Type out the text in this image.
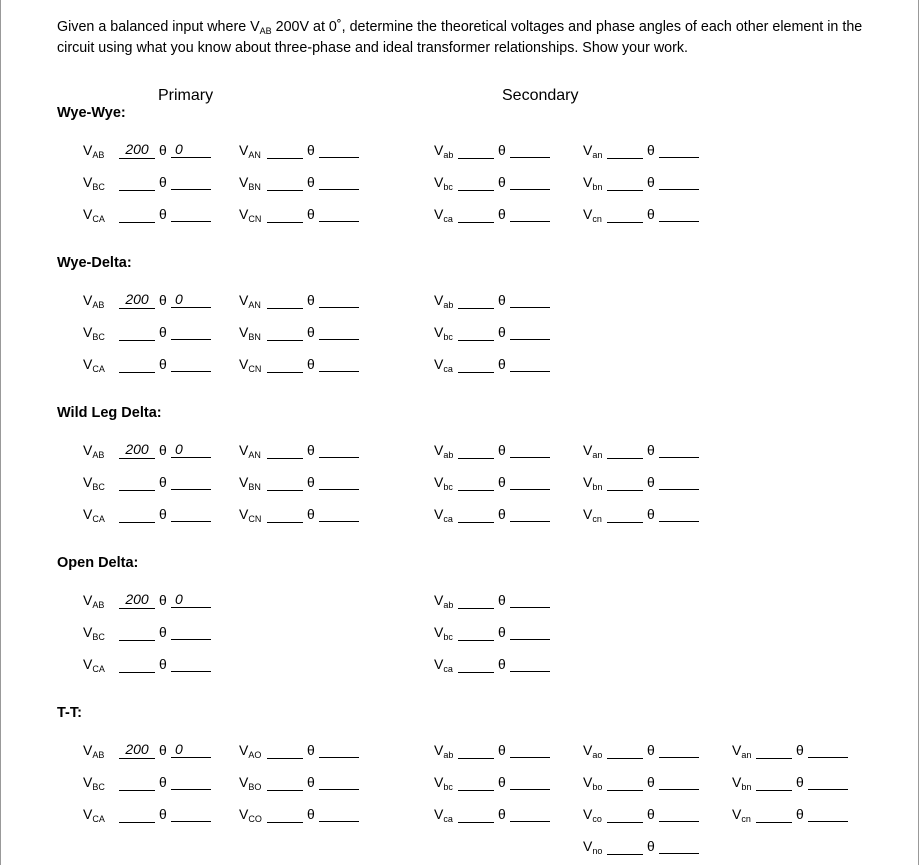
Given a balanced input where $V_{AB}$ 200V at 0˚, determine the theoretical voltages and phase angles of each other element in the circuit using what you know about three-phase and ideal transformer relationships. Show your work.
Primary	Secondary
Wye-Wye:
$V_{AB}$	200 θ 0	$V_{AN}$	θ	$V_{ab}$	θ	$V_{an}$	θ
$V_{BC}$	θ	$V_{BN}$	θ	$V_{bc}$	θ	$V_{bn}$	θ
$V_{CA}$	θ	$V_{CN}$	θ	$V_{ca}$	θ	$V_{cn}$	θ
Wye-Delta:
$V_{AB}$	200 θ 0	$V_{AN}$	θ	$V_{ab}$	θ
$V_{BC}$	θ	$V_{BN}$	θ	$V_{bc}$	θ
$V_{CA}$	θ	$V_{CN}$	θ	$V_{ca}$	θ
Wild Leg Delta:
$V_{AB}$	200 θ 0	$V_{AN}$	θ	$V_{ab}$	θ	$V_{an}$	θ
$V_{BC}$	θ	$V_{BN}$	θ	$V_{bc}$	θ	$V_{bn}$	θ
$V_{CA}$	θ	$V_{CN}$	θ	$V_{ca}$	θ	$V_{cn}$	θ
Open Delta:
$V_{AB}$	200 θ 0	$V_{ab}$	θ
$V_{BC}$	θ	$V_{bc}$	θ
$V_{CA}$	θ	$V_{ca}$	θ
T-T:
$V_{AB}$	200 θ 0	$V_{AO}$	θ	$V_{ab}$	θ	$V_{ao}$	θ	$V_{an}$	θ
$V_{BC}$	θ	$V_{BO}$	θ	$V_{bc}$	θ	$V_{bo}$	θ	$V_{bn}$	θ
$V_{CA}$	θ	$V_{CO}$	θ	$V_{ca}$	θ	$V_{co}$	θ	$V_{cn}$	θ
$V_{no}$	θ
